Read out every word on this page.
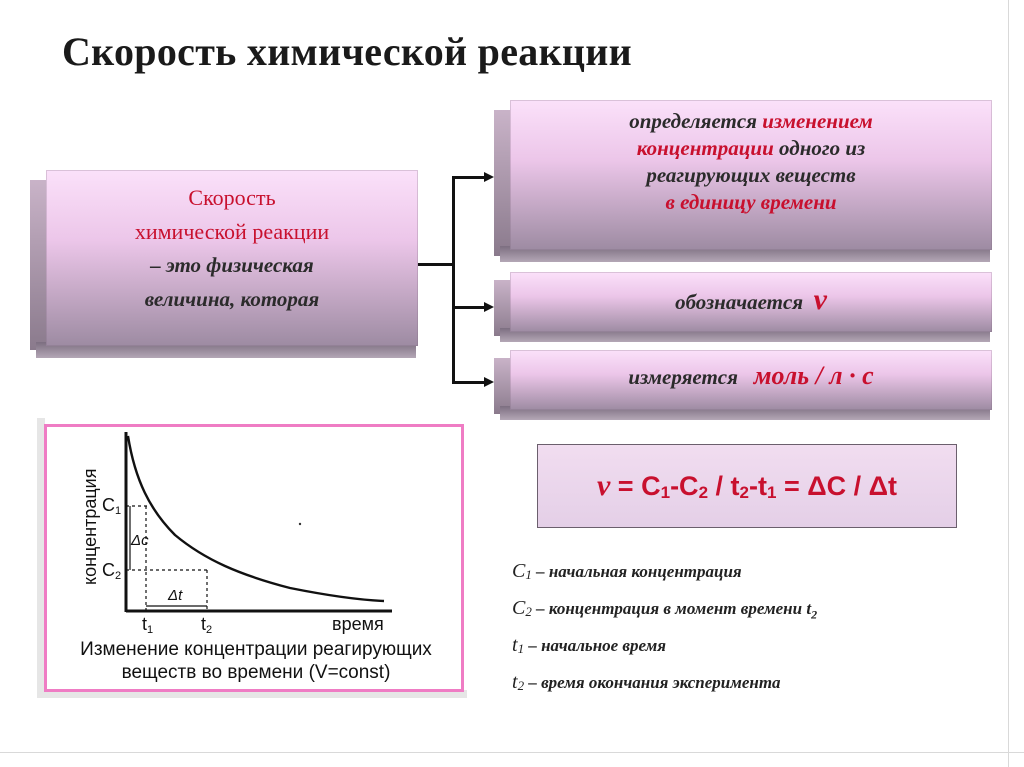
Скорость химической реакции
Скорость
химической реакции
– это физическая
величина, которая
определяется изменением
концентрации одного из
реагирующих веществ
в единицу времени
обозначается ν
измеряется моль / л · с
$\nu = C_1-C_2 / t_2-t_1 = \Delta C / \Delta t$
$C_1$ – начальная концентрация
$C_2$ – концентрация в момент времени $t_2$
$t_1$ – начальное время
$t_2$ – время окончания эксперимента
концентрация
время
C1
C2
t1	t2
Δc
Δt
Изменение концентрации реагирующих
веществ во времени (V=const)
